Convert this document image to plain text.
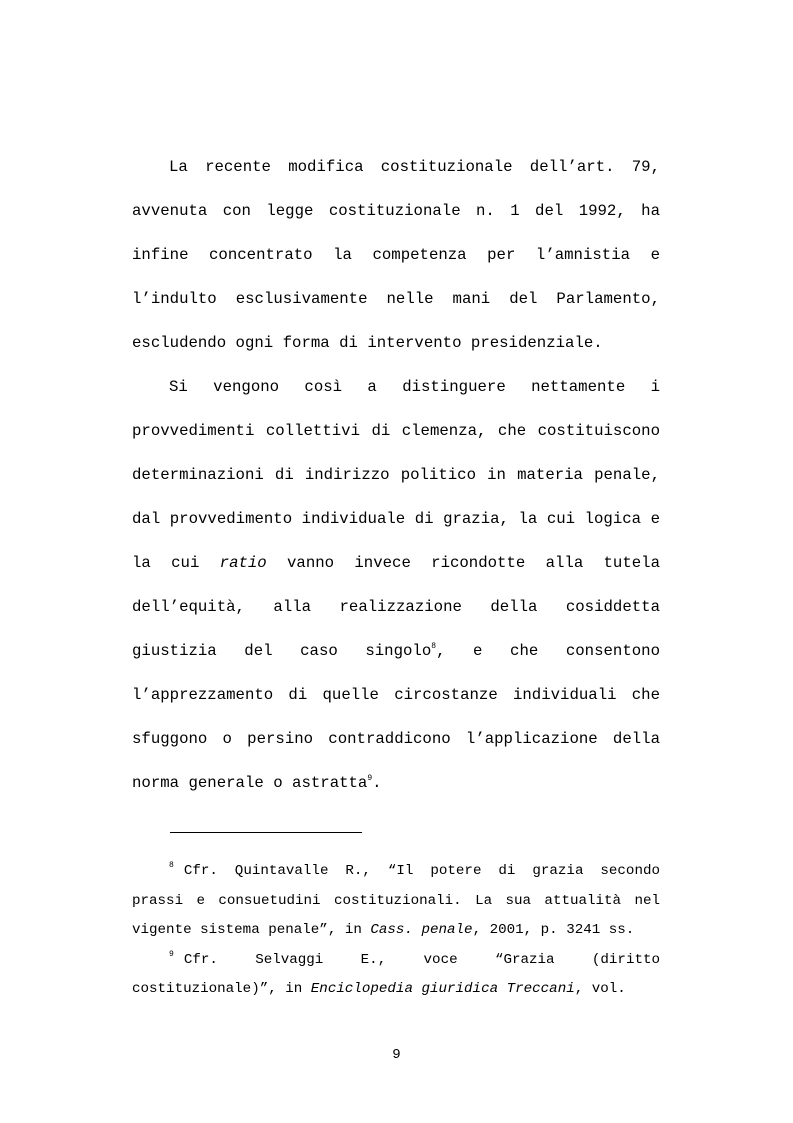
La recente modifica costituzionale dell’art. 79, avvenuta con legge costituzionale n. 1 del 1992, ha infine concentrato la competenza per l’amnistia e l’indulto esclusivamente nelle mani del Parlamento, escludendo ogni forma di intervento presidenziale.

Si vengono così a distinguere nettamente i provvedimenti collettivi di clemenza, che costituiscono determinazioni di indirizzo politico in materia penale, dal provvedimento individuale di grazia, la cui logica e la cui ratio vanno invece ricondotte alla tutela dell’equità, alla realizzazione della cosiddetta giustizia del caso singolo$^8$, e che consentono l’apprezzamento di quelle circostanze individuali che sfuggono o persino contraddicono l’applicazione della norma generale o astratta$^9$.

$^8$ Cfr. Quintavalle R., “Il potere di grazia secondo prassi e consuetudini costituzionali. La sua attualità nel vigente sistema penale”, in Cass. penale, 2001, p. 3241 ss.

$^9$ Cfr. Selvaggi E., voce “Grazia (diritto costituzionale)”, in Enciclopedia giuridica Treccani, vol.

9
